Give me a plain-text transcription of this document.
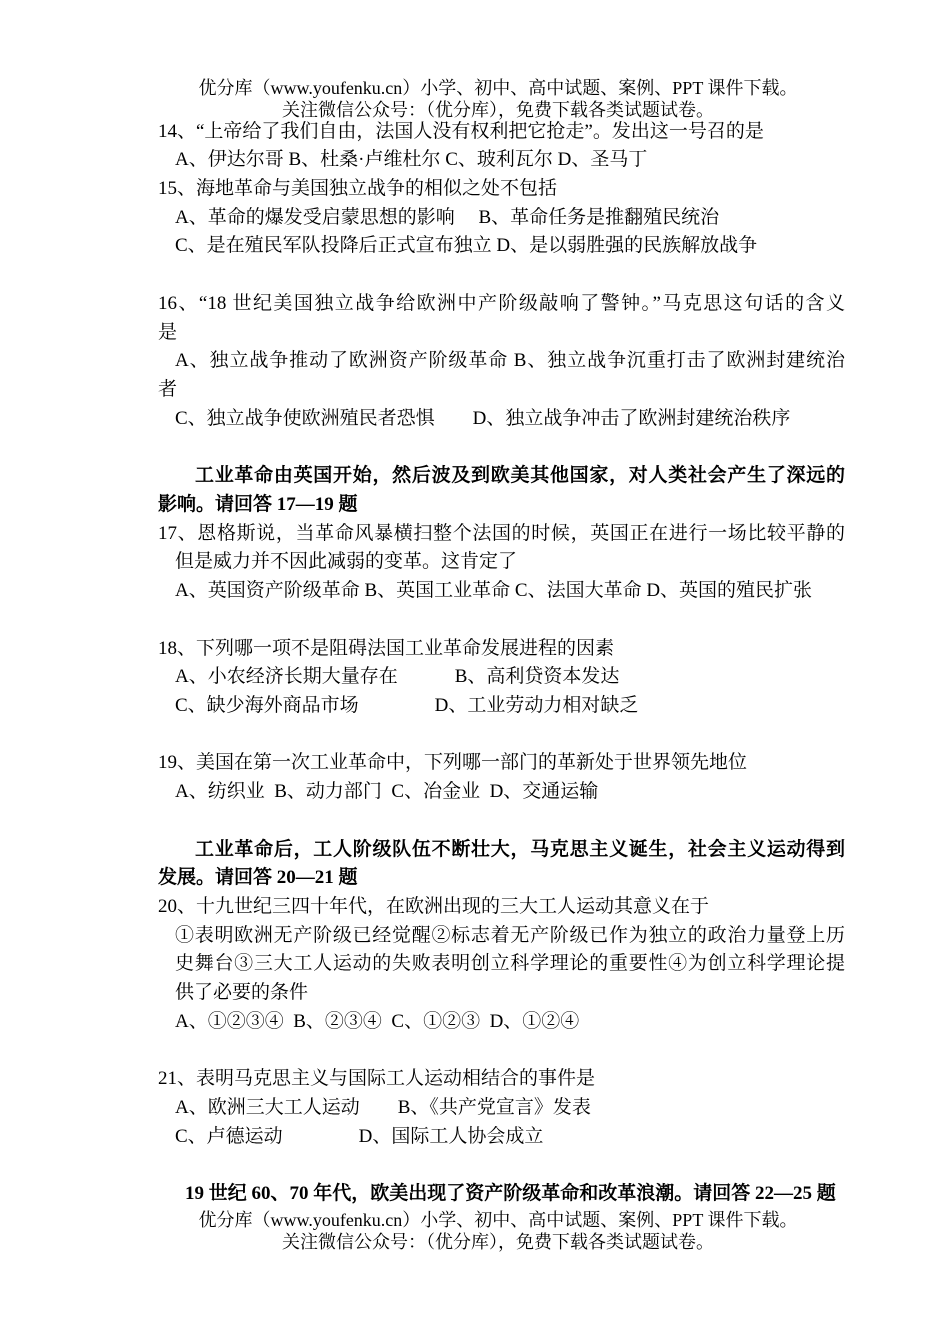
优分库（www.youfenku.cn）小学、初中、高中试题、案例、PPT 课件下载。
关注微信公众号：（优分库），免费下载各类试题试卷。
14、“上帝给了我们自由，法国人没有权利把它抢走”。发出这一号召的是
A、伊达尔哥 B、杜桑·卢维杜尔 C、玻利瓦尔 D、圣马丁
15、海地革命与美国独立战争的相似之处不包括
A、革命的爆发受启蒙思想的影响　 B、革命任务是推翻殖民统治
C、是在殖民军队投降后正式宣布独立 D、是以弱胜强的民族解放战争
16、“18 世纪美国独立战争给欧洲中产阶级敲响了警钟。”马克思这句话的含义
是
A、独立战争推动了欧洲资产阶级革命 B、独立战争沉重打击了欧洲封建统治
者
C、独立战争使欧洲殖民者恐惧　　D、独立战争冲击了欧洲封建统治秩序
工业革命由英国开始，然后波及到欧美其他国家，对人类社会产生了深远的
影响。请回答 17—19 题
17、恩格斯说，当革命风暴横扫整个法国的时候，英国正在进行一场比较平静的
但是威力并不因此减弱的变革。这肯定了
A、英国资产阶级革命 B、英国工业革命 C、法国大革命 D、英国的殖民扩张
18、下列哪一项不是阻碍法国工业革命发展进程的因素
A、小农经济长期大量存在　　　B、高利贷资本发达
C、缺少海外商品市场　　　　D、工业劳动力相对缺乏
19、美国在第一次工业革命中，下列哪一部门的革新处于世界领先地位
A、纺织业  B、动力部门  C、冶金业  D、交通运输
工业革命后，工人阶级队伍不断壮大，马克思主义诞生，社会主义运动得到
发展。请回答 20—21 题
20、十九世纪三四十年代，在欧洲出现的三大工人运动其意义在于
①表明欧洲无产阶级已经觉醒②标志着无产阶级已作为独立的政治力量登上历
史舞台③三大工人运动的失败表明创立科学理论的重要性④为创立科学理论提
供了必要的条件
A、①②③④  B、②③④  C、①②③  D、①②④
21、表明马克思主义与国际工人运动相结合的事件是
A、欧洲三大工人运动　　B、《共产党宣言》发表
C、卢德运动　　　　D、国际工人协会成立
19 世纪 60、70 年代，欧美出现了资产阶级革命和改革浪潮。请回答 22—25 题
优分库（www.youfenku.cn）小学、初中、高中试题、案例、PPT 课件下载。
关注微信公众号：（优分库），免费下载各类试题试卷。
